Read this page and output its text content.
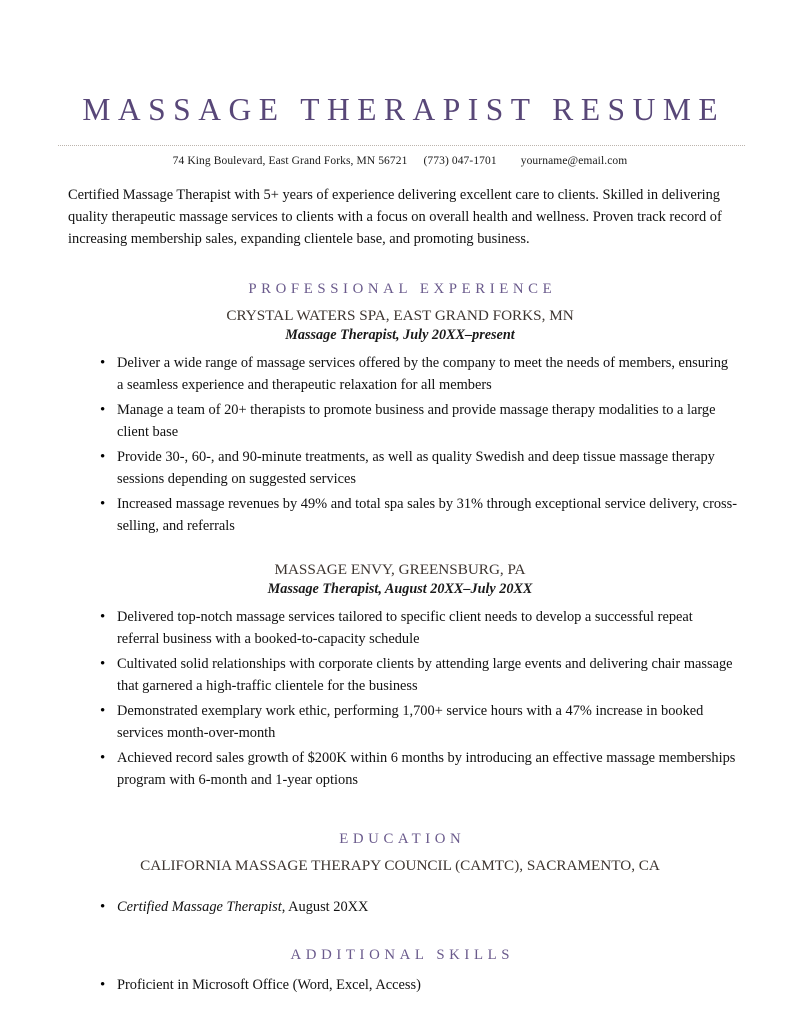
MASSAGE THERAPIST RESUME
74 King Boulevard, East Grand Forks, MN 56721 (773) 047-1701 yourname@email.com

Certified Massage Therapist with 5+ years of experience delivering excellent care to clients. Skilled in delivering quality therapeutic massage services to clients with a focus on overall health and wellness. Proven track record of increasing membership sales, expanding clientele base, and promoting business.

PROFESSIONAL EXPERIENCE
CRYSTAL WATERS SPA, EAST GRAND FORKS, MN
Massage Therapist, July 20XX–present
• Deliver a wide range of massage services offered by the company to meet the needs of members, ensuring a seamless experience and therapeutic relaxation for all members
• Manage a team of 20+ therapists to promote business and provide massage therapy modalities to a large client base
• Provide 30-, 60-, and 90-minute treatments, as well as quality Swedish and deep tissue massage therapy sessions depending on suggested services
• Increased massage revenues by 49% and total spa sales by 31% through exceptional service delivery, cross-selling, and referrals
MASSAGE ENVY, GREENSBURG, PA
Massage Therapist, August 20XX–July 20XX
• Delivered top-notch massage services tailored to specific client needs to develop a successful repeat referral business with a booked-to-capacity schedule
• Cultivated solid relationships with corporate clients by attending large events and delivering chair massage that garnered a high-traffic clientele for the business
• Demonstrated exemplary work ethic, performing 1,700+ service hours with a 47% increase in booked services month-over-month
• Achieved record sales growth of $200K within 6 months by introducing an effective massage memberships program with 6-month and 1-year options
EDUCATION
CALIFORNIA MASSAGE THERAPY COUNCIL (CAMTC), SACRAMENTO, CA
• Certified Massage Therapist, August 20XX
ADDITIONAL SKILLS
• Proficient in Microsoft Office (Word, Excel, Access)
